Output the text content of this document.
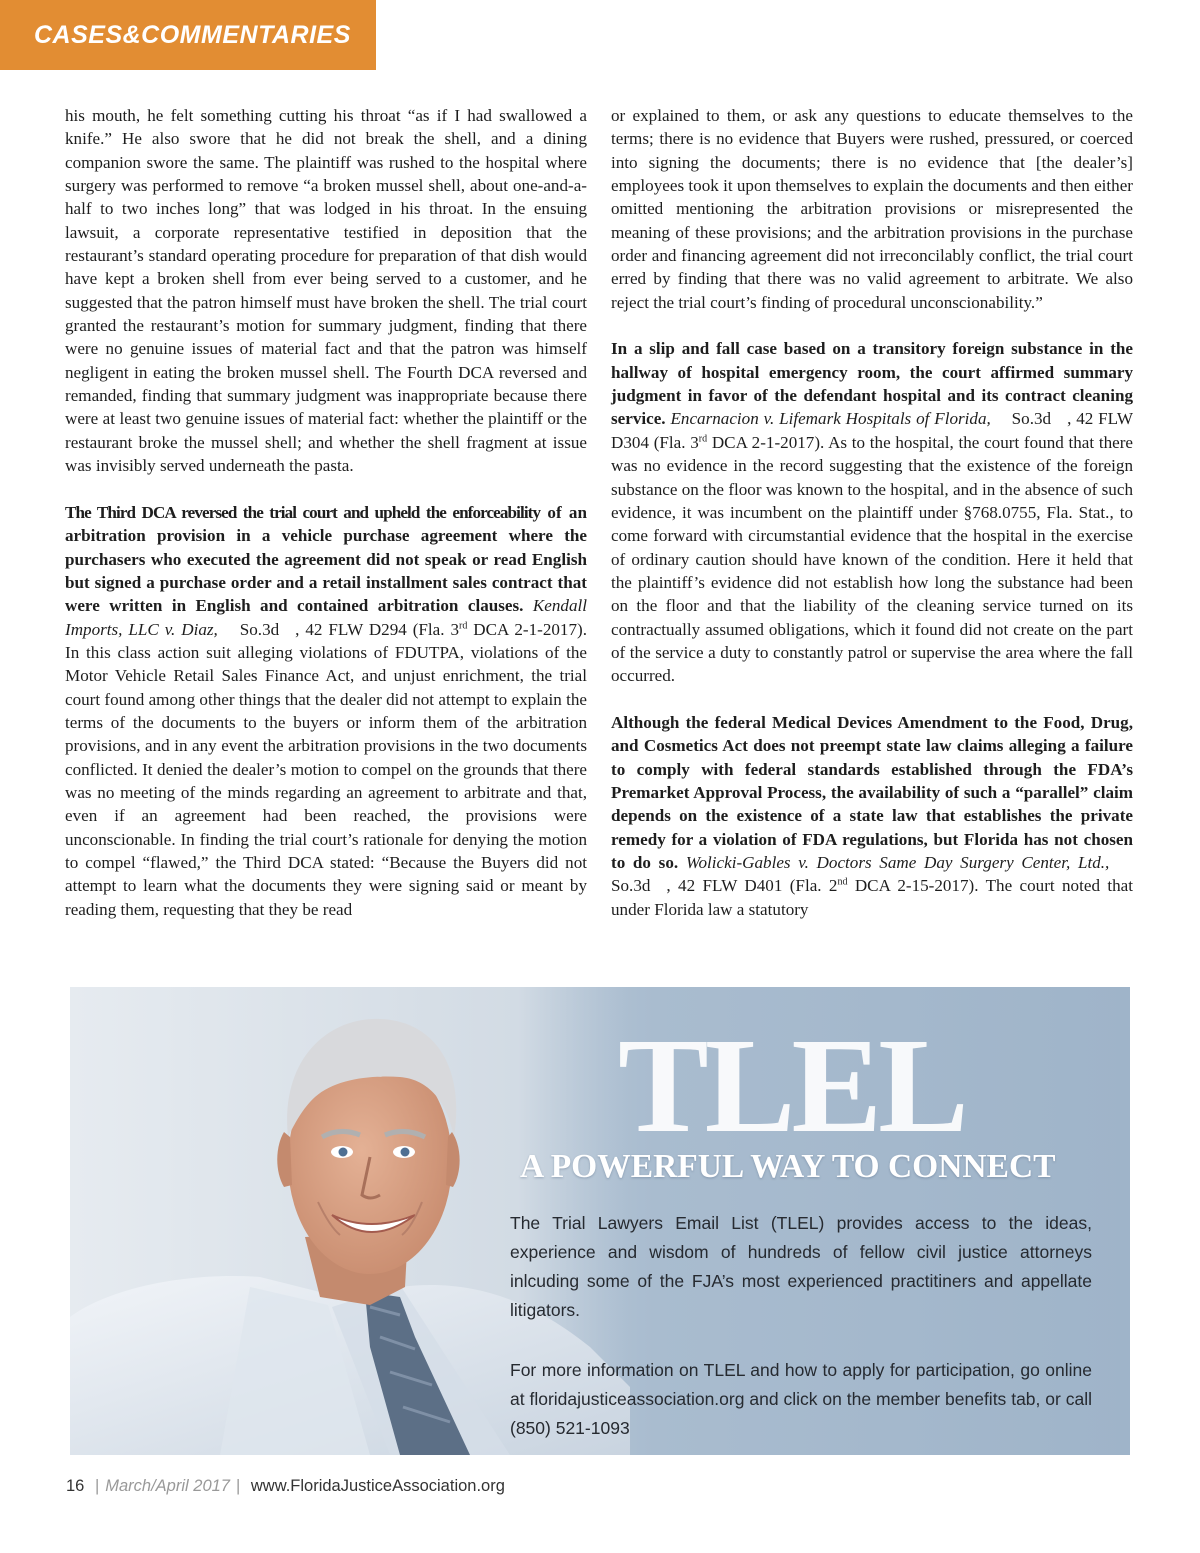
CASES&COMMENTARIES

his mouth, he felt something cutting his throat “as if I had swallowed a knife.” He also swore that he did not break the shell, and a dining companion swore the same. The plaintiff was rushed to the hospital where surgery was performed to remove “a broken mussel shell, about one-and-a-half to two inches long” that was lodged in his throat. In the ensuing lawsuit, a corporate representative testified in deposition that the restaurant’s standard operating procedure for preparation of that dish would have kept a broken shell from ever being served to a customer, and he suggested that the patron himself must have broken the shell. The trial court granted the restaurant’s motion for summary judgment, finding that there were no genuine issues of material fact and that the patron was himself negligent in eating the broken mussel shell. The Fourth DCA reversed and remanded, finding that summary judgment was inappropriate because there were at least two genuine issues of material fact: whether the plaintiff or the restaurant broke the mussel shell; and whether the shell fragment at issue was invisibly served underneath the pasta.

The Third DCA reversed the trial court and upheld the enforceability of an arbitration provision in a vehicle purchase agreement where the purchasers who executed the agreement did not speak or read English but signed a purchase order and a retail installment sales contract that were written in English and contained arbitration clauses. Kendall Imports, LLC v. Diaz, So.3d , 42 FLW D294 (Fla. 3rd DCA 2-1-2017). In this class action suit alleging violations of FDUTPA, violations of the Motor Vehicle Retail Sales Finance Act, and unjust enrichment, the trial court found among other things that the dealer did not attempt to explain the terms of the documents to the buyers or inform them of the arbitration provisions, and in any event the arbitration provisions in the two documents conflicted. It denied the dealer’s motion to compel on the grounds that there was no meeting of the minds regarding an agreement to arbitrate and that, even if an agreement had been reached, the provisions were unconscionable. In finding the trial court’s rationale for denying the motion to compel “flawed,” the Third DCA stated: “Because the Buyers did not attempt to learn what the documents they were signing said or meant by reading them, requesting that they be read

or explained to them, or ask any questions to educate themselves to the terms; there is no evidence that Buyers were rushed, pressured, or coerced into signing the documents; there is no evidence that [the dealer’s] employees took it upon themselves to explain the documents and then either omitted mentioning the arbitration provisions or misrepresented the meaning of these provisions; and the arbitration provisions in the purchase order and financing agreement did not irreconcilably conflict, the trial court erred by finding that there was no valid agreement to arbitrate. We also reject the trial court’s finding of procedural unconscionability.”

In a slip and fall case based on a transitory foreign substance in the hallway of hospital emergency room, the court affirmed summary judgment in favor of the defendant hospital and its contract cleaning service. Encarnacion v. Lifemark Hospitals of Florida, So.3d , 42 FLW D304 (Fla. 3rd DCA 2-1-2017). As to the hospital, the court found that there was no evidence in the record suggesting that the existence of the foreign substance on the floor was known to the hospital, and in the absence of such evidence, it was incumbent on the plaintiff under §768.0755, Fla. Stat., to come forward with circumstantial evidence that the hospital in the exercise of ordinary caution should have known of the condition. Here it held that the plaintiff’s evidence did not establish how long the substance had been on the floor and that the liability of the cleaning service turned on its contractually assumed obligations, which it found did not create on the part of the service a duty to constantly patrol or supervise the area where the fall occurred.

Although the federal Medical Devices Amendment to the Food, Drug, and Cosmetics Act does not preempt state law claims alleging a failure to comply with federal standards established through the FDA’s Premarket Approval Process, the availability of such a “parallel” claim depends on the existence of a state law that establishes the private remedy for a violation of FDA regulations, but Florida has not chosen to do so. Wolicki-Gables v. Doctors Same Day Surgery Center, Ltd., So.3d , 42 FLW D401 (Fla. 2nd DCA 2-15-2017). The court noted that under Florida law a statutory

TLEL
A POWERFUL WAY TO CONNECT
The Trial Lawyers Email List (TLEL) provides access to the ideas, experience and wisdom of hundreds of fellow civil justice attorneys inlcuding some of the FJA’s most experienced practitiners and appellate litigators.
For more information on TLEL and how to apply for participation, go online at floridajusticeassociation.org and click on the member benefits tab, or call (850) 521-1093
16 | March/April 2017 | www.FloridaJusticeAssociation.org
